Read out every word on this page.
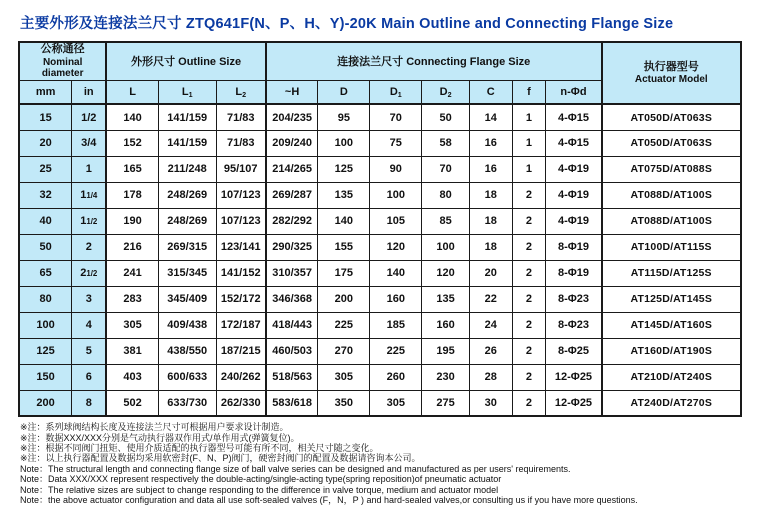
主要外形及连接法兰尺寸 ZTQ641F(N、P、H、Y)-20K Main Outline and Connecting Flange Size
公称通径
Nominal diameter
	外形尺寸 Outline Size	连接法兰尺寸 Connecting Flange Size	执行器型号
Actuator Model

mm	in	L	$L_1$	$L_2$	~H	D	$D_1$	$D_2$	C	f	n-Φd	
15	1/2	140	141/159	71/83	204/235	95	70	50	14	1	4-Φ15	AT050D/AT063S
20	3/4	152	141/159	71/83	209/240	100	75	58	16	1	4-Φ15	AT050D/AT063S
25	1	165	211/248	95/107	214/265	125	90	70	16	1	4-Φ19	AT075D/AT088S
32	11/4	178	248/269	107/123	269/287	135	100	80	18	2	4-Φ19	AT088D/AT100S
40	11/2	190	248/269	107/123	282/292	140	105	85	18	2	4-Φ19	AT088D/AT100S
50	2	216	269/315	123/141	290/325	155	120	100	18	2	8-Φ19	AT100D/AT115S
65	21/2	241	315/345	141/152	310/357	175	140	120	20	2	8-Φ19	AT115D/AT125S
80	3	283	345/409	152/172	346/368	200	160	135	22	2	8-Φ23	AT125D/AT145S
100	4	305	409/438	172/187	418/443	225	185	160	24	2	8-Φ23	AT145D/AT160S
125	5	381	438/550	187/215	460/503	270	225	195	26	2	8-Φ25	AT160D/AT190S
150	6	403	600/633	240/262	518/563	305	260	230	28	2	12-Φ25	AT210D/AT240S
200	8	502	633/730	262/330	583/618	350	305	275	30	2	12-Φ25	AT240D/AT270S
※注：系列球阀结构长度及连接法兰尺寸可根据用户要求设计制造。
※注：数据XXX/XXX分别是气动执行器双作用式/单作用式(弹簧复位)。
※注：根据不同阀门扭矩、使用介质适配的执行器型号可能有所不同，相关尺寸随之变化。
※注：以上执行器配置及数据均采用软密封(F、N、P)阀门，硬密封阀门的配置及数据请咨询本公司。
Note：The structural length and connecting flange size of ball valve series can be designed and manufactured as per users' requirements.
Note：Data XXX/XXX represent respectively the double-acting/single-acting type(spring reposition)of pneumatic actuator
Note：The relative sizes are subject to change responding to the difference in valve torque, medium and actuator model
Note：the above actuator configuration and data all use soft-sealed valves (F，N，P ) and hard-sealed valves,or consulting us if you have more questions.
